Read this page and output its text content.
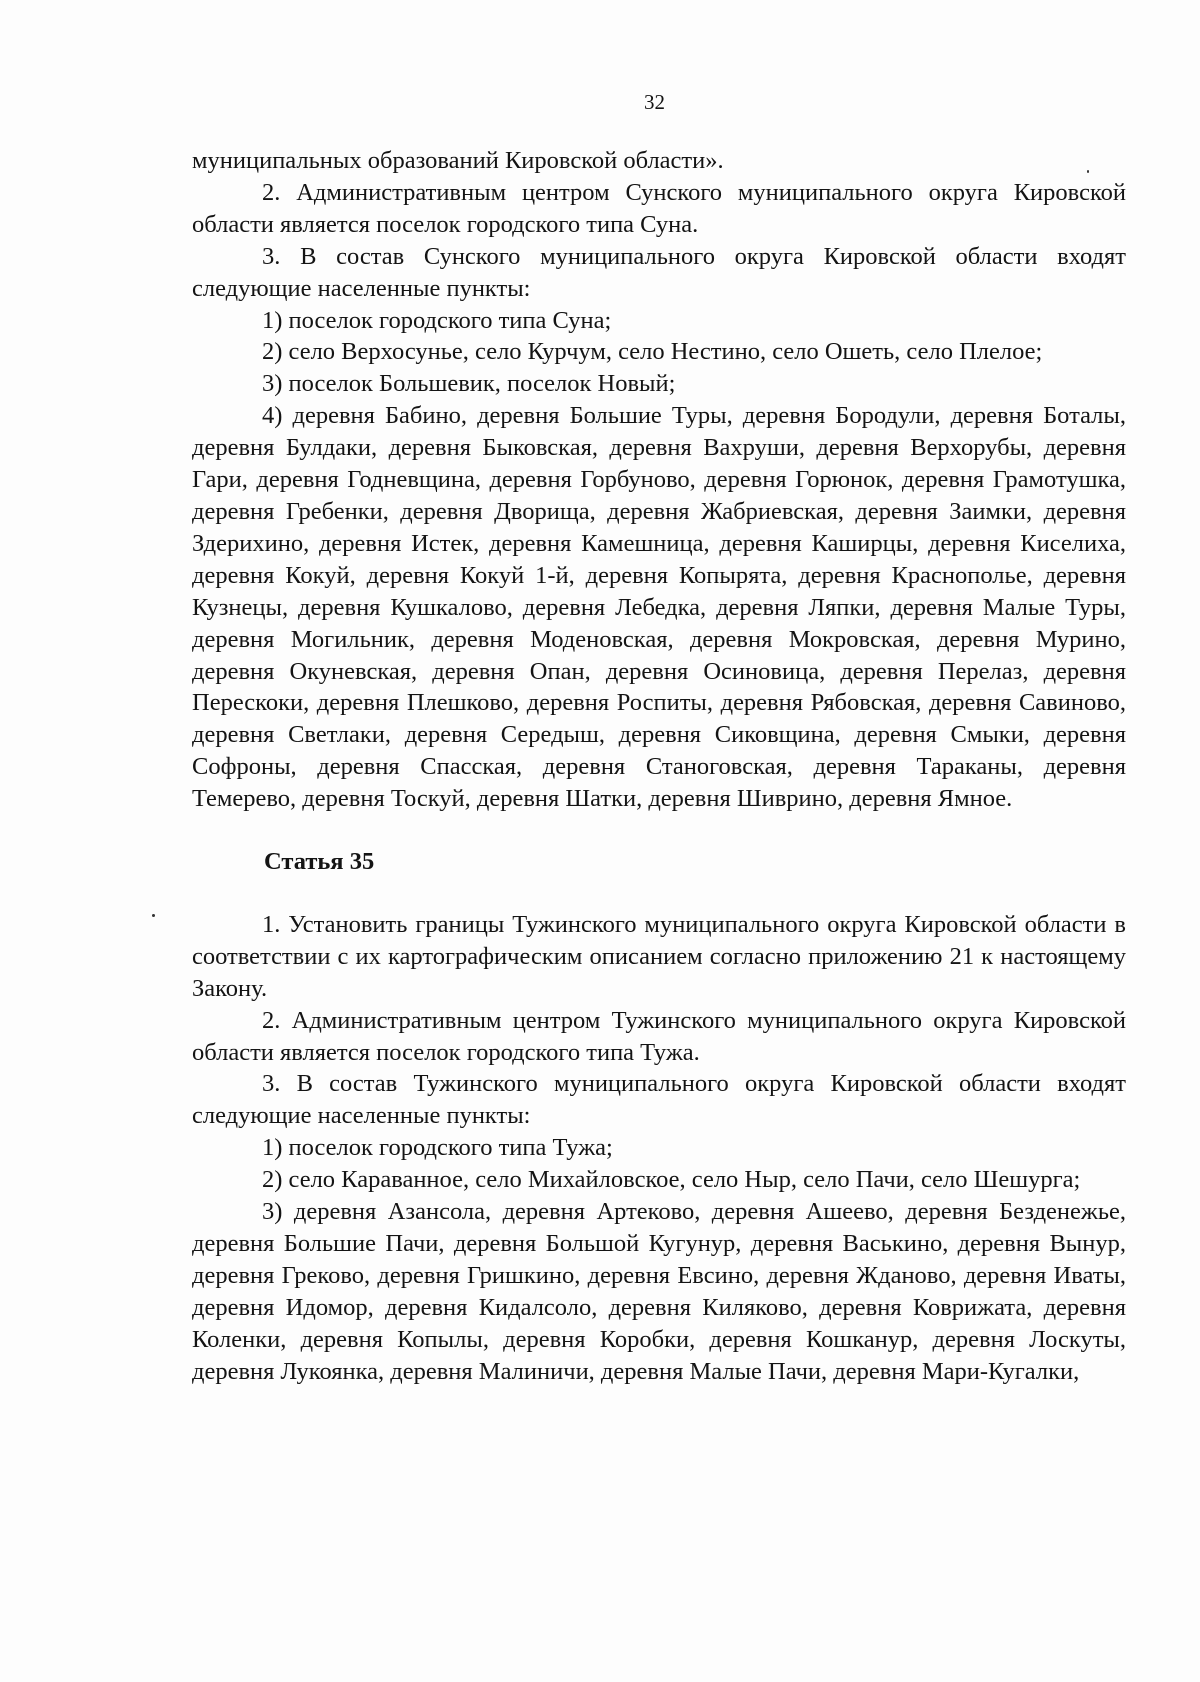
32

муниципальных образований Кировской области».

2. Административным центром Сунского муниципального округа Кировской области является поселок городского типа Суна.

3. В состав Сунского муниципального округа Кировской области входят следующие населенные пункты:

1) поселок городского типа Суна;

2) село Верхосунье, село Курчум, село Нестино, село Ошеть, село Плелое;

3) поселок Большевик, поселок Новый;

4) деревня Бабино, деревня Большие Туры, деревня Бородули, деревня Боталы, деревня Булдаки, деревня Быковская, деревня Вахруши, деревня Верхорубы, деревня Гари, деревня Годневщина, деревня Горбуново, деревня Горюнок, деревня Грамотушка, деревня Гребенки, деревня Дворища, деревня Жабриевская, деревня Заимки, деревня Здерихино, деревня Истек, деревня Камешница, деревня Каширцы, деревня Киселиха, деревня Кокуй, деревня Кокуй 1-й, деревня Копырята, деревня Краснополье, деревня Кузнецы, деревня Кушкалово, деревня Лебедка, деревня Ляпки, деревня Малые Туры, деревня Могильник, деревня Моденовская, деревня Мокровская, деревня Мурино, деревня Окуневская, деревня Опан, деревня Осиновица, деревня Перелаз, деревня Перескоки, деревня Плешково, деревня Роспиты, деревня Рябовская, деревня Савиново, деревня Светлаки, деревня Середыш, деревня Сиковщина, деревня Смыки, деревня Софроны, деревня Спасская, деревня Станоговская, деревня Тараканы, деревня Темерево, деревня Тоскуй, деревня Шатки, деревня Шиврино, деревня Ямное.

Статья 35

1. Установить границы Тужинского муниципального округа Кировской области в соответствии с их картографическим описанием согласно приложению 21 к настоящему Закону.

2. Административным центром Тужинского муниципального округа Кировской области является поселок городского типа Тужа.

3. В состав Тужинского муниципального округа Кировской области входят следующие населенные пункты:

1) поселок городского типа Тужа;

2) село Караванное, село Михайловское, село Ныр, село Пачи, село Шешурга;

3) деревня Азансола, деревня Артеково, деревня Ашеево, деревня Безденежье, деревня Большие Пачи, деревня Большой Кугунур, деревня Васькино, деревня Вынур, деревня Греково, деревня Гришкино, деревня Евсино, деревня Жданово, деревня Иваты, деревня Идомор, деревня Кидалсоло, деревня Киляково, деревня Коврижата, деревня Коленки, деревня Копылы, деревня Коробки, деревня Кошканур, деревня Лоскуты, деревня Лукоянка, деревня Малиничи, деревня Малые Пачи, деревня Мари-Кугалки,
